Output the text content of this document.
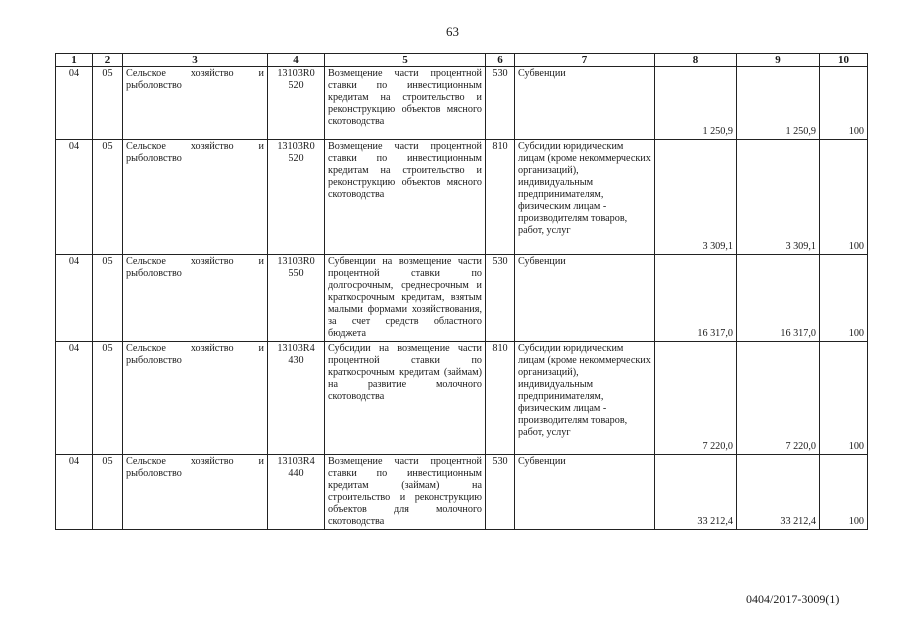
63
1	2	3	4	5	6	7	8	9	10
04	05	Сельское хозяйство и рыболовство	13103R0 520	Возмещение части процентной ставки по инвестиционным кредитам на строительство и реконструкцию объектов мясного скотоводства	530	Субвенции	1 250,9	1 250,9	100
04	05	Сельское хозяйство и рыболовство	13103R0 520	Возмещение части процентной ставки по инвестиционным кредитам на строительство и реконструкцию объектов мясного скотоводства	810	Субсидии юридическим лицам (кроме некоммерческих организаций), индивидуальным предпринимателям, физическим лицам - производителям товаров, работ, услуг	3 309,1	3 309,1	100
04	05	Сельское хозяйство и рыболовство	13103R0 550	Субвенции на возмещение части процентной ставки по долгосрочным, среднесрочным и краткосрочным кредитам, взятым малыми формами хозяйствования, за счет средств областного бюджета	530	Субвенции	16 317,0	16 317,0	100
04	05	Сельское хозяйство и рыболовство	13103R4 430	Субсидии на возмещение части процентной ставки по краткосрочным кредитам (займам) на развитие молочного скотоводства	810	Субсидии юридическим лицам (кроме некоммерческих организаций), индивидуальным предпринимателям, физическим лицам - производителям товаров, работ, услуг	7 220,0	7 220,0	100
04	05	Сельское хозяйство и рыболовство	13103R4 440	Возмещение части процентной ставки по инвестиционным кредитам (займам) на строительство и реконструкцию объектов для молочного скотоводства	530	Субвенции	33 212,4	33 212,4	100
0404/2017-3009(1)
